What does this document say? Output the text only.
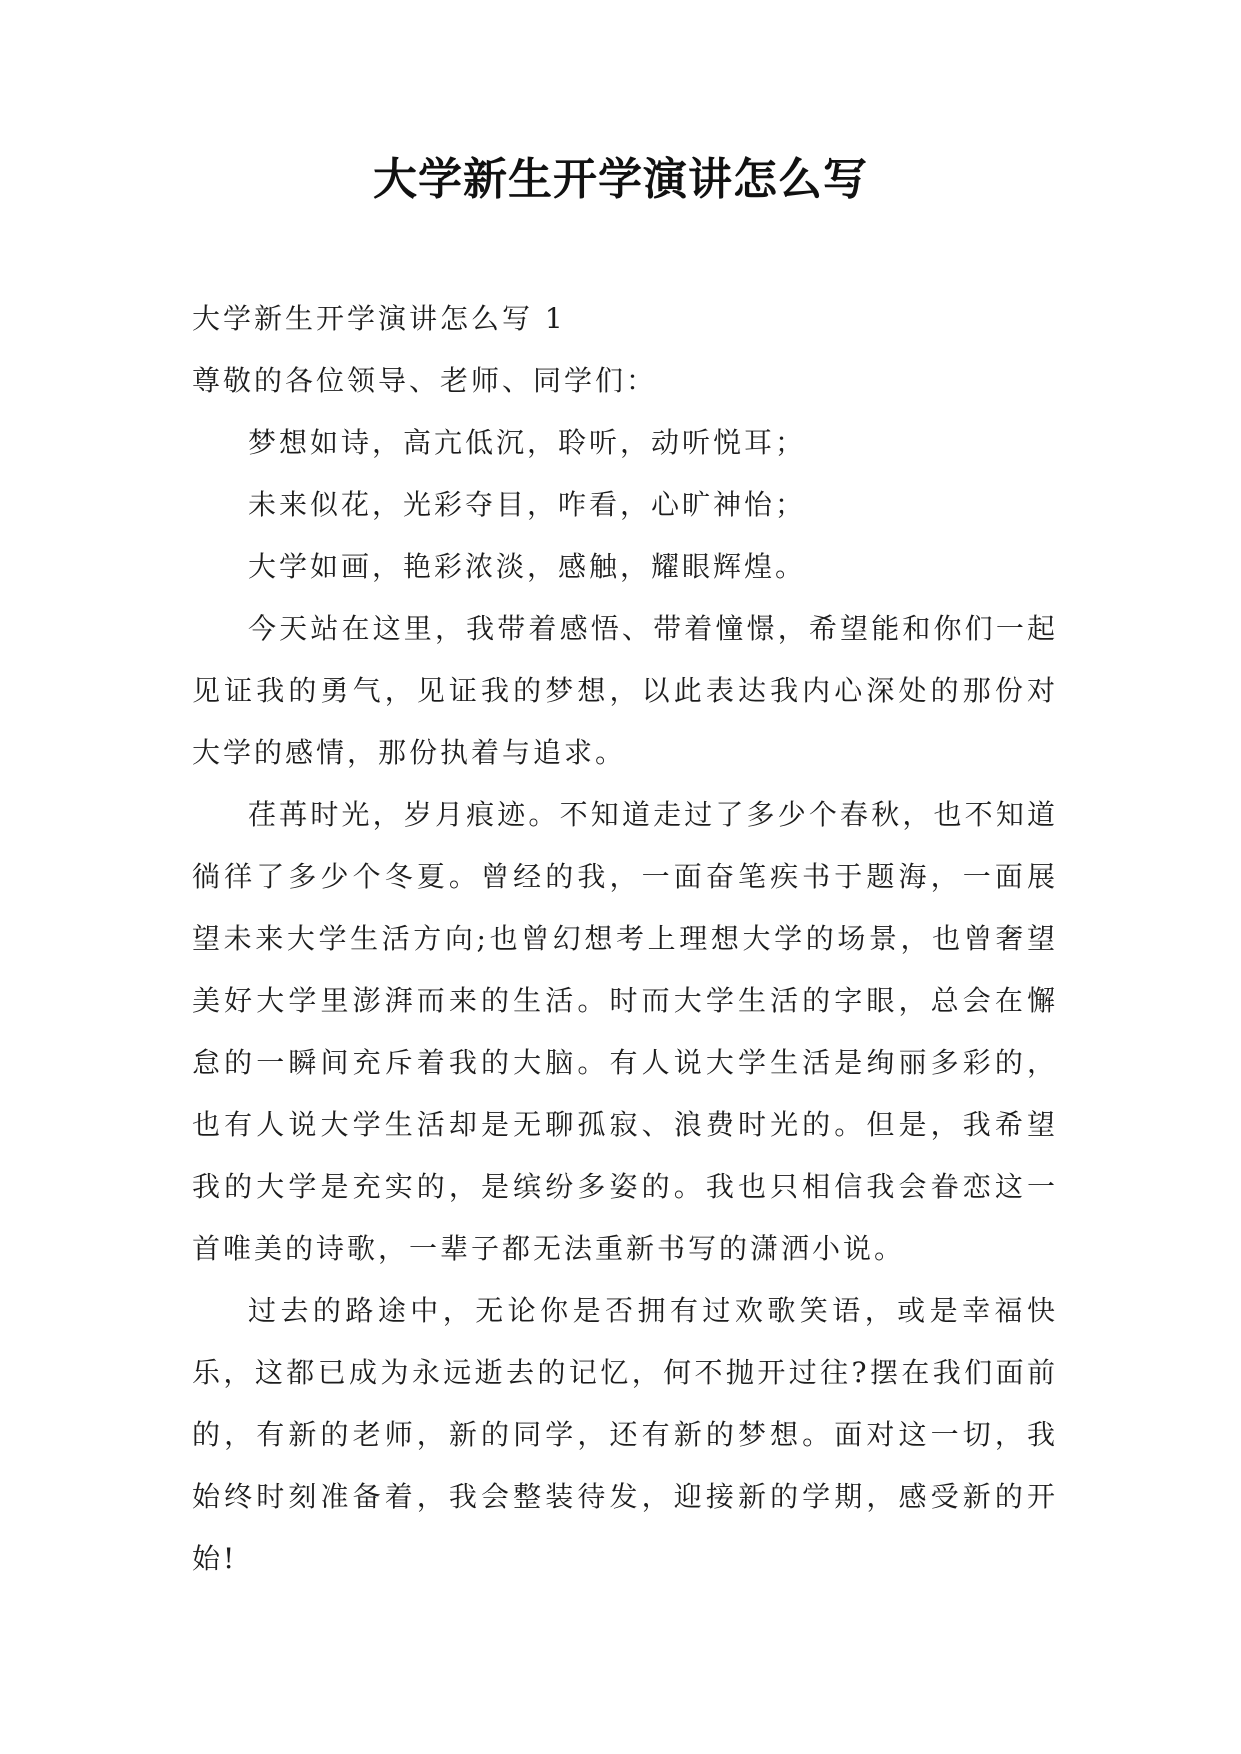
大学新生开学演讲怎么写

大学新生开学演讲怎么写 1

尊敬的各位领导、老师、同学们：

梦想如诗，高亢低沉，聆听，动听悦耳；

未来似花，光彩夺目，咋看，心旷神怡；

大学如画，艳彩浓淡，感触，耀眼辉煌。

今天站在这里，我带着感悟、带着憧憬，希望能和你们一起见证我的勇气，见证我的梦想，以此表达我内心深处的那份对大学的感情，那份执着与追求。

荏苒时光，岁月痕迹。不知道走过了多少个春秋，也不知道徜徉了多少个冬夏。曾经的我，一面奋笔疾书于题海，一面展望未来大学生活方向;也曾幻想考上理想大学的场景，也曾奢望美好大学里澎湃而来的生活。时而大学生活的字眼，总会在懈怠的一瞬间充斥着我的大脑。有人说大学生活是绚丽多彩的，也有人说大学生活却是无聊孤寂、浪费时光的。但是，我希望我的大学是充实的，是缤纷多姿的。我也只相信我会眷恋这一首唯美的诗歌，一辈子都无法重新书写的潇洒小说。

过去的路途中，无论你是否拥有过欢歌笑语，或是幸福快乐，这都已成为永远逝去的记忆，何不抛开过往?摆在我们面前的，有新的老师，新的同学，还有新的梦想。面对这一切，我始终时刻准备着，我会整装待发，迎接新的学期，感受新的开始!
